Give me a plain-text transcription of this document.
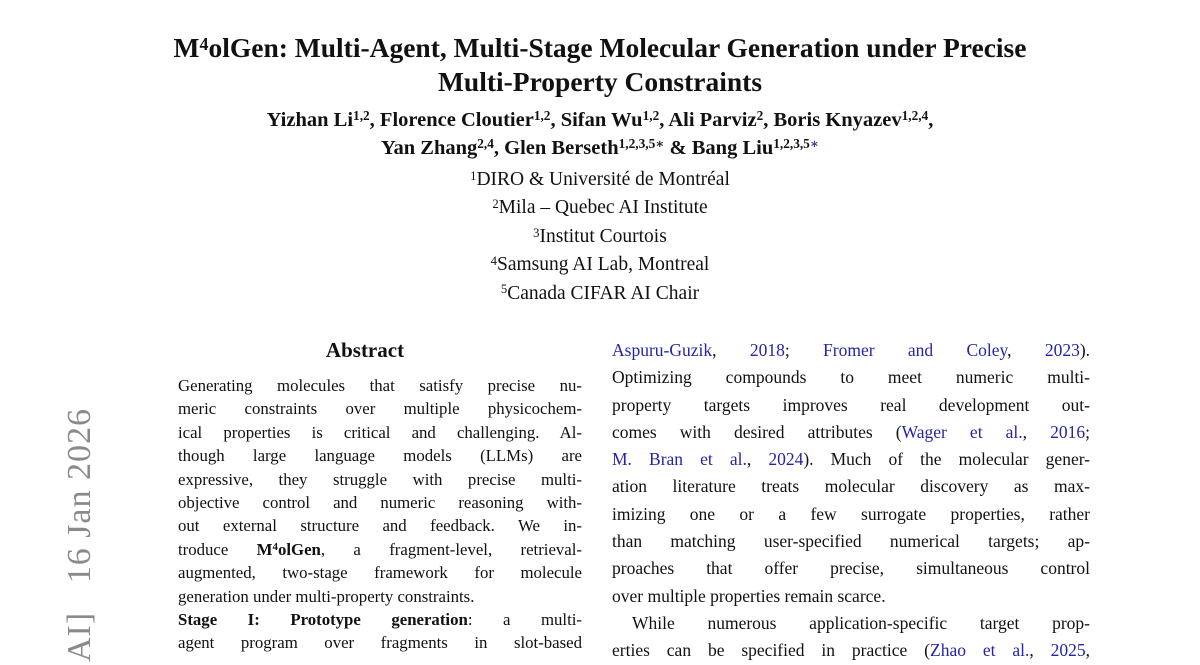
AI]   16 Jan 2026
$M^4olGen$: Multi-Agent, Multi-Stage Molecular Generation under Precise
Multi-Property Constraints
Yizhan Li$^{1,2}$, Florence Cloutier$^{1,2}$, Sifan Wu$^{1,2}$, Ali Parviz$^2$, Boris Knyazev$^{1,2,4}$,
Yan Zhang$^{2,4}$, Glen Berseth$^{1,2,3,5∗}$ & Bang Liu$^{1,2,3,5∗}$
$^1$DIRO & Université de Montréal
$^2$Mila – Quebec AI Institute
$^3$Institut Courtois
$^4$Samsung AI Lab, Montreal
$^5$Canada CIFAR AI Chair
Abstract
Generating molecules that satisfy precise nu-
meric constraints over multiple physicochem-
ical properties is critical and challenging. Al-
though large language models (LLMs) are
expressive, they struggle with precise multi-
objective control and numeric reasoning with-
out external structure and feedback. We in-
troduce $M^4olGen$, a fragment-level, retrieval-
augmented, two-stage framework for molecule
generation under multi-property constraints.
Stage I: Prototype generation: a multi-
agent program over fragments in slot-based
Aspuru-Guzik, 2018; Fromer and Coley, 2023).
Optimizing compounds to meet numeric multi-
property targets improves real development out-
comes with desired attributes (Wager et al., 2016;
M. Bran et al., 2024). Much of the molecular gener-
ation literature treats molecular discovery as max-
imizing one or a few surrogate properties, rather
than matching user-specified numerical targets; ap-
proaches that offer precise, simultaneous control
over multiple properties remain scarce.
While numerous application-specific target prop-
erties can be specified in practice (Zhao et al., 2025,
